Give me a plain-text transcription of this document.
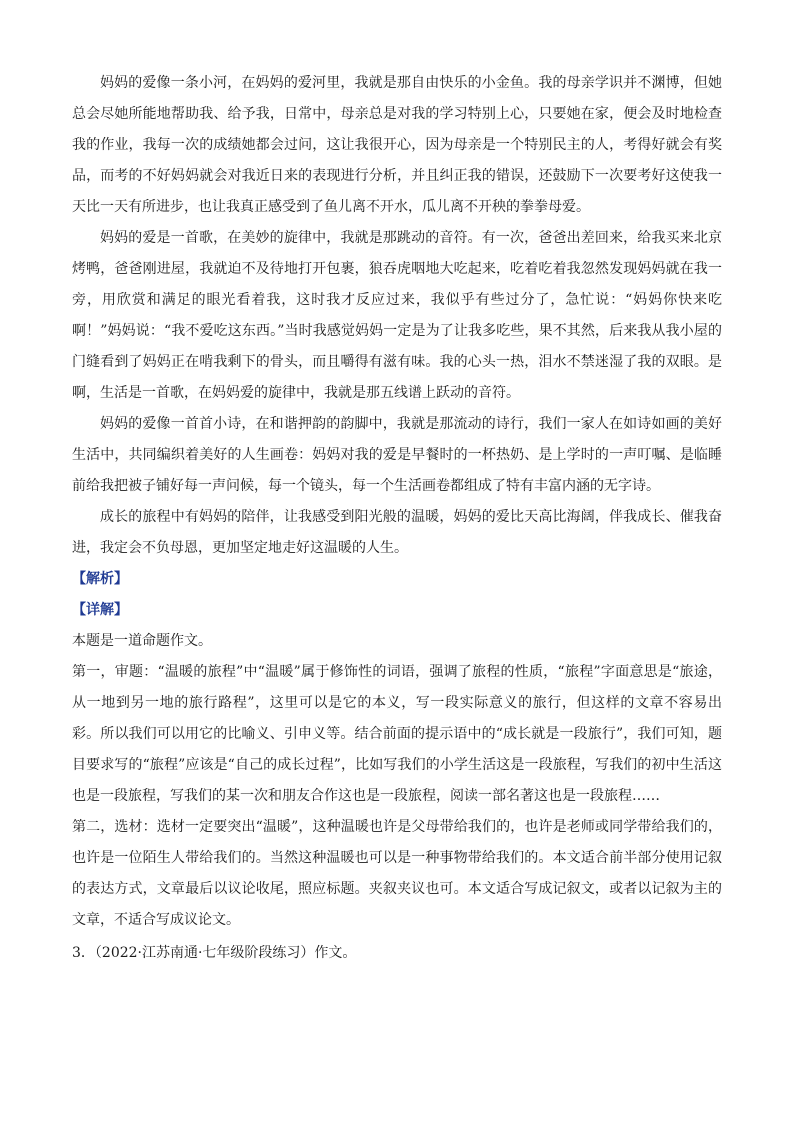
妈妈的爱像一条小河，在妈妈的爱河里，我就是那自由快乐的小金鱼。我的母亲学识并不渊博，但她总会尽她所能地帮助我、给予我，日常中，母亲总是对我的学习特别上心，只要她在家，便会及时地检查我的作业，我每一次的成绩她都会过问，这让我很开心，因为母亲是一个特别民主的人，考得好就会有奖品，而考的不好妈妈就会对我近日来的表现进行分析，并且纠正我的错误，还鼓励下一次要考好这使我一天比一天有所进步，也让我真正感受到了鱼儿离不开水，瓜儿离不开秧的拳拳母爱。

妈妈的爱是一首歌，在美妙的旋律中，我就是那跳动的音符。有一次，爸爸出差回来，给我买来北京烤鸭，爸爸刚进屋，我就迫不及待地打开包裹，狼吞虎咽地大吃起来，吃着吃着我忽然发现妈妈就在我一旁，用欣赏和满足的眼光看着我，这时我才反应过来，我似乎有些过分了，急忙说：“妈妈你快来吃啊！”妈妈说：“我不爱吃这东西。”当时我感觉妈妈一定是为了让我多吃些，果不其然，后来我从我小屋的门缝看到了妈妈正在啃我剩下的骨头，而且嚼得有滋有味。我的心头一热，泪水不禁迷湿了我的双眼。是啊，生活是一首歌，在妈妈爱的旋律中，我就是那五线谱上跃动的音符。

妈妈的爱像一首首小诗，在和谐押韵的韵脚中，我就是那流动的诗行，我们一家人在如诗如画的美好生活中，共同编织着美好的人生画卷：妈妈对我的爱是早餐时的一杯热奶、是上学时的一声叮嘱、是临睡前给我把被子铺好每一声问候，每一个镜头，每一个生活画卷都组成了特有丰富内涵的无字诗。

成长的旅程中有妈妈的陪伴，让我感受到阳光般的温暖，妈妈的爱比天高比海阔，伴我成长、催我奋进，我定会不负母恩，更加坚定地走好这温暖的人生。

【解析】

【详解】

本题是一道命题作文。

第一，审题：“温暖的旅程”中“温暖”属于修饰性的词语，强调了旅程的性质，“旅程”字面意思是“旅途，从一地到另一地的旅行路程”，这里可以是它的本义，写一段实际意义的旅行，但这样的文章不容易出彩。所以我们可以用它的比喻义、引申义等。结合前面的提示语中的“成长就是一段旅行”，我们可知，题目要求写的“旅程”应该是“自己的成长过程”，比如写我们的小学生活这是一段旅程，写我们的初中生活这也是一段旅程，写我们的某一次和朋友合作这也是一段旅程，阅读一部名著这也是一段旅程……

第二，选材：选材一定要突出“温暖”，这种温暖也许是父母带给我们的，也许是老师或同学带给我们的，也许是一位陌生人带给我们的。当然这种温暖也可以是一种事物带给我们的。本文适合前半部分使用记叙的表达方式，文章最后以议论收尾，照应标题。夹叙夹议也可。本文适合写成记叙文，或者以记叙为主的文章，不适合写成议论文。

3．（2022·江苏南通·七年级阶段练习）作文。
